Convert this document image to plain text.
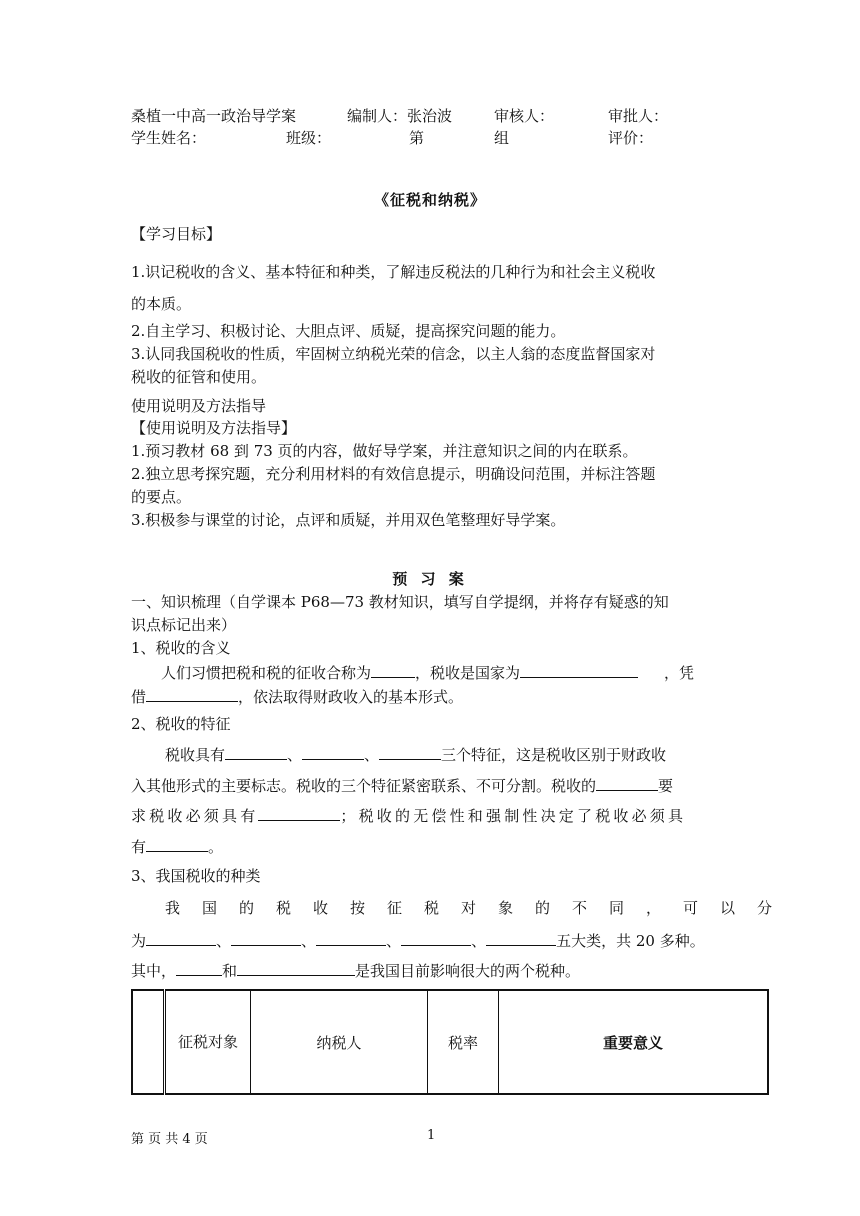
桑植一中高一政治导学案	编制人：张治波	审核人：	审批人：
学生姓名：	班级：	第	组	评价：
《征税和纳税》
【学习目标】
1.识记税收的含义、基本特征和种类，了解违反税法的几种行为和社会主义税收
的本质。
2.自主学习、积极讨论、大胆点评、质疑，提高探究问题的能力。
3.认同我国税收的性质，牢固树立纳税光荣的信念，以主人翁的态度监督国家对
税收的征管和使用。
使用说明及方法指导
【使用说明及方法指导】
1.预习教材 68 到 73 页的内容，做好导学案，并注意知识之间的内在联系。
2.独立思考探究题，充分利用材料的有效信息提示，明确设问范围，并标注答题
的要点。
3.积极参与课堂的讨论，点评和质疑，并用双色笔整理好导学案。
预 习 案
一、知识梳理（自学课本 P68—73 教材知识，填写自学提纲，并将存有疑惑的知
识点标记出来）
1、税收的含义
人们习惯把税和税的征收合称为	，税收是国家为	，凭
借	，依法取得财政收入的基本形式。
2、税收的特征
税收具有	、	、	三个特征，这是税收区别于财政收
入其他形式的主要标志。税收的三个特征紧密联系、不可分割。税收的	要
求税收必须具有	；税收的无偿性和强制性决定了税收必须具
有	。
3、我国税收的种类
我国的税收按征税对象的不同，可以分
为	、	、	、	、	五大类，共 20 多种。
其中，	和	是我国目前影响很大的两个税种。
	征税对象	纳税人	税率	重要意义
第 页 共 4 页	1
